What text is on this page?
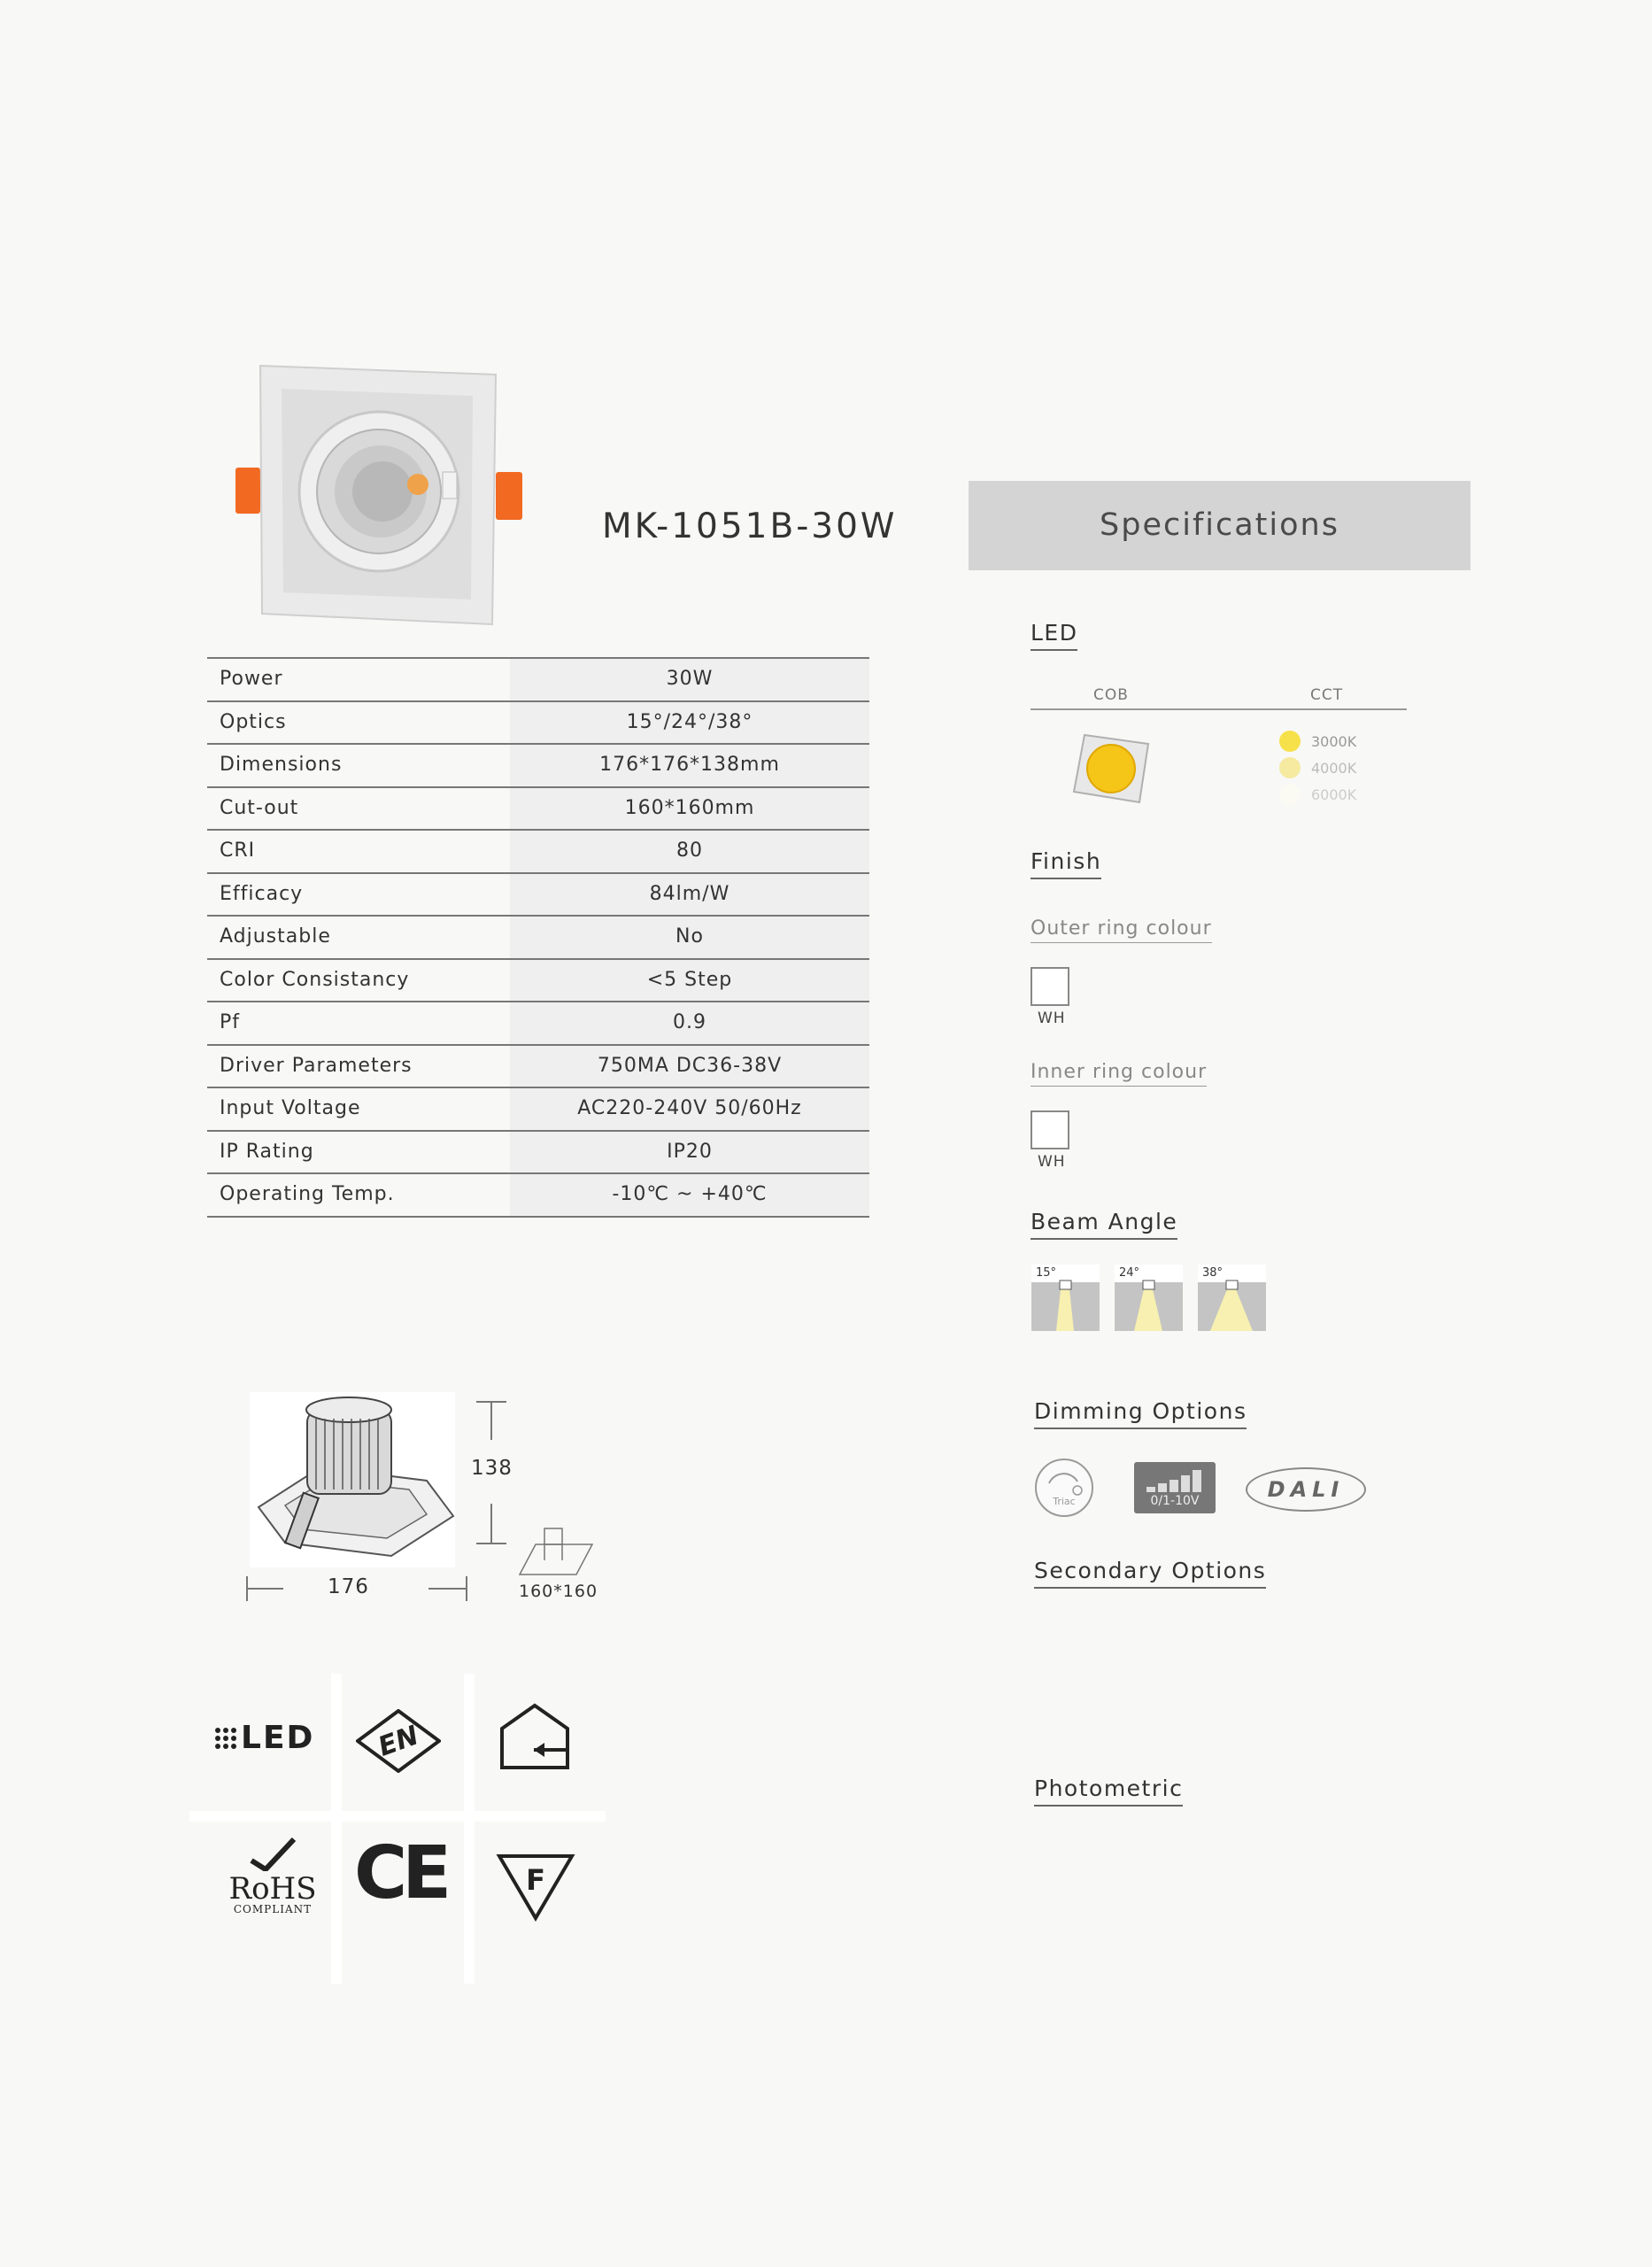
MK-1051B-30W
Power	30W
Optics	15°/24°/38°
Dimensions	176*176*138mm
Cut-out	160*160mm
CRI	80
Efficacy	84lm/W
Adjustable	No
Color Consistancy	<5 Step
Pf	0.9
Driver Parameters	750MA DC36-38V
Input Voltage	AC220-240V 50/60Hz
IP Rating	IP20
Operating Temp.	-10℃ ~ +40℃
Specifications
LED
COB	CCT
3000K
4000K
6000K
Finish
Outer ring colour
WH
Inner ring colour
WH
Beam Angle
15°	24°	38°
Dimming Options
Triac	0/1-10V	DALI
Secondary Options
Photometric
138
176	160*160
LED EN
RoHS
COMPLIANT CE	F
